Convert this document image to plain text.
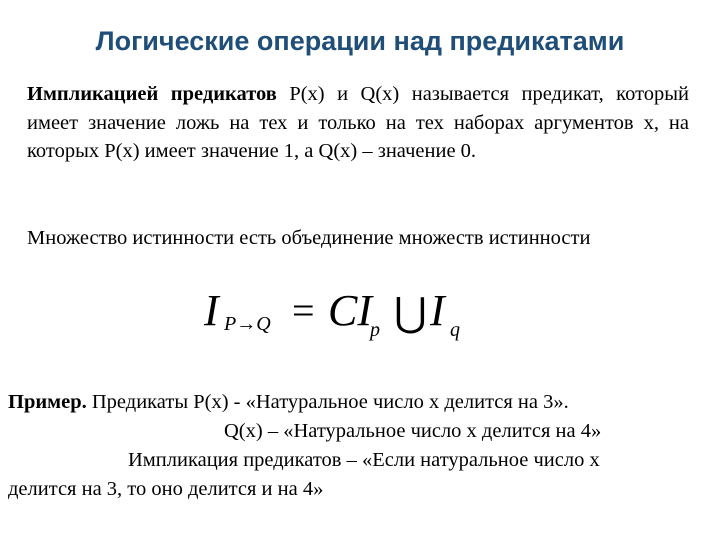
Логические операции над предикатами

Импликацией предикатов P(x) и Q(x) называется предикат, который имеет значение ложь на тех и только на тех наборах аргументов x, на которых P(x) имеет значение 1, а Q(x) – значение 0.

Множество истинности есть объединение множеств истинности

I P→Q = CI
p ⋃ I q
Пример. Предикаты P(x) - «Натуральное число x делится на 3».
Q(x) – «Натуральное число x делится на 4»
Импликация предикатов – «Если натуральное число x
делится на 3, то оно делится и на 4»
